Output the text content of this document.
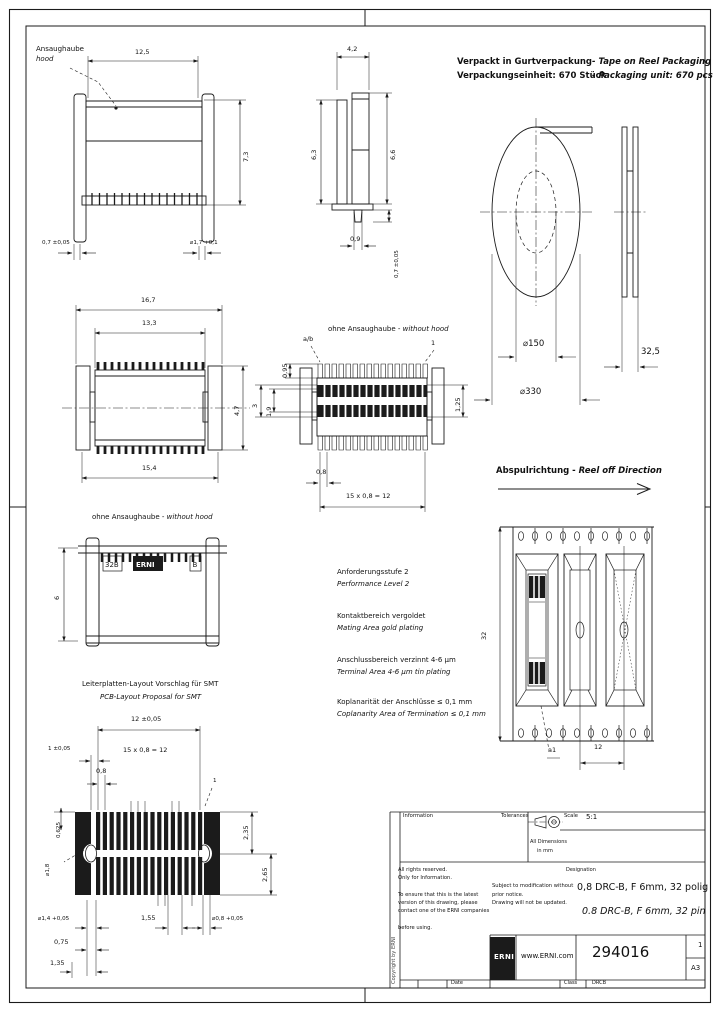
32B ERNI	B
Verpackt in Gurtverpackung - Tape on Reel Packaging
Verpackungseinheit: 670 Stück
- Packaging unit: 670 pcs
Ansaughaube
hood
12,5
7,3
0,7 ±0,05	⌀1,7 +0,1
4,2
6,3	6,6
0,9
0,7 ±0,05
⌀150
⌀330
32,5
16,7
13,3
15,4
4,7
0,95
3
1,9
ohne Ansaughaube - without hood
a/b	1
1,25
0,8
15 x 0,8 = 12
ohne Ansaughaube - without hood
6
Anforderungsstufe 2
Performance Level 2
Kontaktbereich vergoldet
Mating Area gold plating
Anschlussbereich verzinnt 4-6 µm
Terminal Area 4-6 µm tin plating
Koplanarität der Anschlüsse ≤ 0,1 mm
Coplanarity Area of Termination ≤ 0,1 mm
Abspulrichtung - Reel off Direction
32
a1	12
Leiterplatten-Layout Vorschlag für SMT
PCB-Layout Proposal for SMT
12 ±0,05
1 ±0,05	15 x 0,8 = 12
0,8
1
0,625
⌀1,8
2,35
2,65
⌀1,4 +0,05
0,75
1,35
1,55	⌀0,8 +0,05
Copyright by ERNI
Information	Tolerances	Scale 5:1
All Dimensions
in mm
All rights reserved.
Only for Information.
To ensure that this is the latest
version of this drawing, please
contact one of the ERNI companies
before using.
Subject to modification without
prior notice.
Drawing will not be updated.
Designation
0,8 DRC-B, F 6mm, 32 polig
0.8 DRC-B, F 6mm, 32 pin
ERNI www.ERNI.com 294016	1
A3
Date	Class	DRCB
